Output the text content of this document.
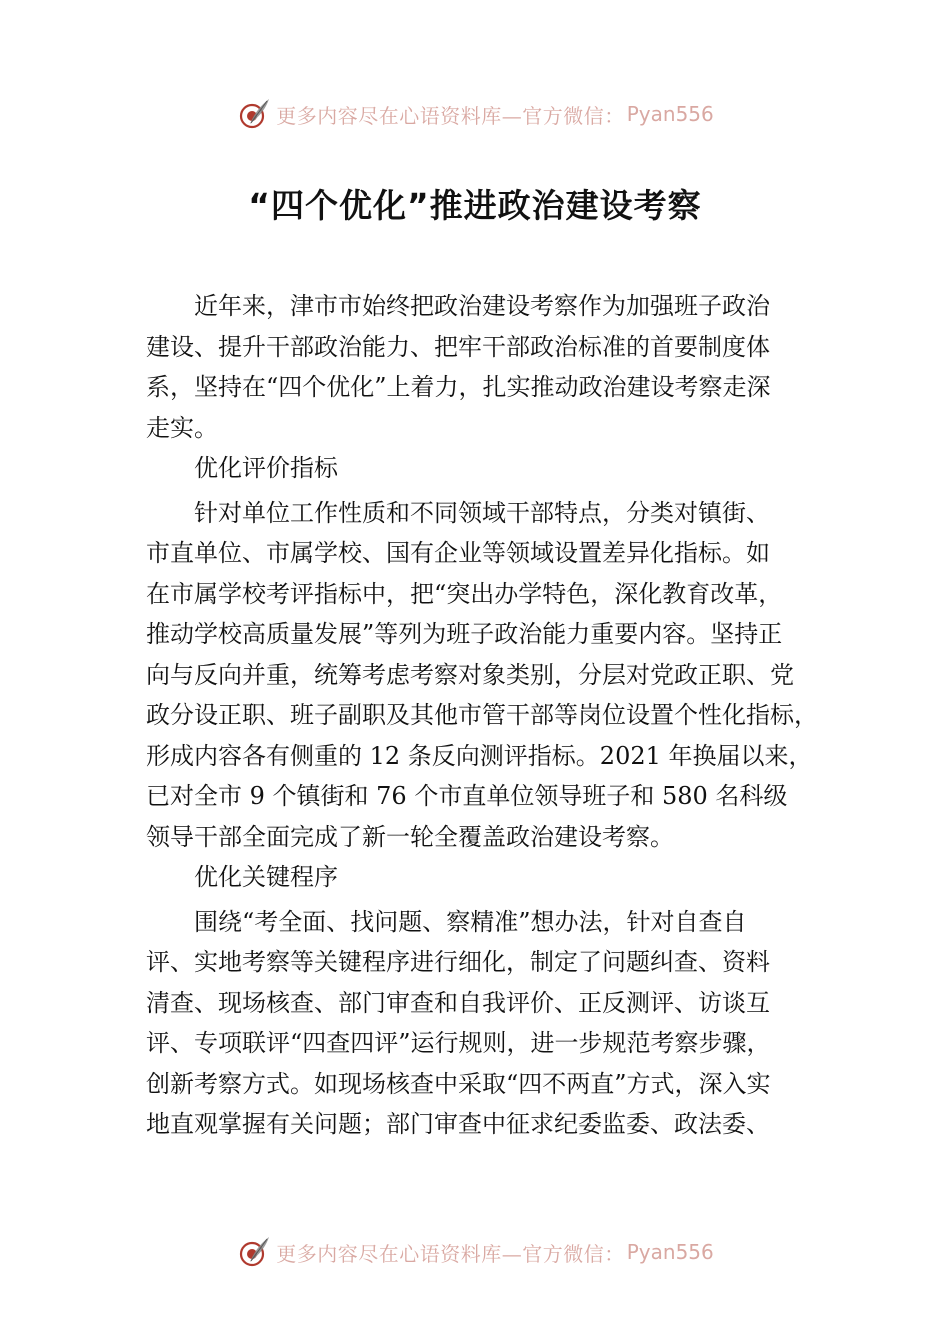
更多内容尽在心语资料库—官方微信： Pyan556
“四个优化”推进政治建设考察

近年来，津市市始终把政治建设考察作为加强班子政治
建设、提升干部政治能力、把牢干部政治标准的首要制度体
系，坚持在“四个优化”上着力，扎实推动政治建设考察走深
走实。

优化评价指标

针对单位工作性质和不同领域干部特点，分类对镇街、
市直单位、市属学校、国有企业等领域设置差异化指标。如
在市属学校考评指标中，把“突出办学特色，深化教育改革，
推动学校高质量发展”等列为班子政治能力重要内容。坚持正
向与反向并重，统筹考虑考察对象类别，分层对党政正职、党
政分设正职、班子副职及其他市管干部等岗位设置个性化指标，
形成内容各有侧重的 12 条反向测评指标。2021 年换届以来，
已对全市 9 个镇街和 76 个市直单位领导班子和 580 名科级
领导干部全面完成了新一轮全覆盖政治建设考察。

优化关键程序

围绕“考全面、找问题、察精准”想办法，针对自查自
评、实地考察等关键程序进行细化，制定了问题纠查、资料
清查、现场核查、部门审查和自我评价、正反测评、访谈互
评、专项联评“四查四评”运行规则，进一步规范考察步骤，
创新考察方式。如现场核查中采取“四不两直”方式，深入实
地直观掌握有关问题；部门审查中征求纪委监委、政法委、

更多内容尽在心语资料库—官方微信： Pyan556
